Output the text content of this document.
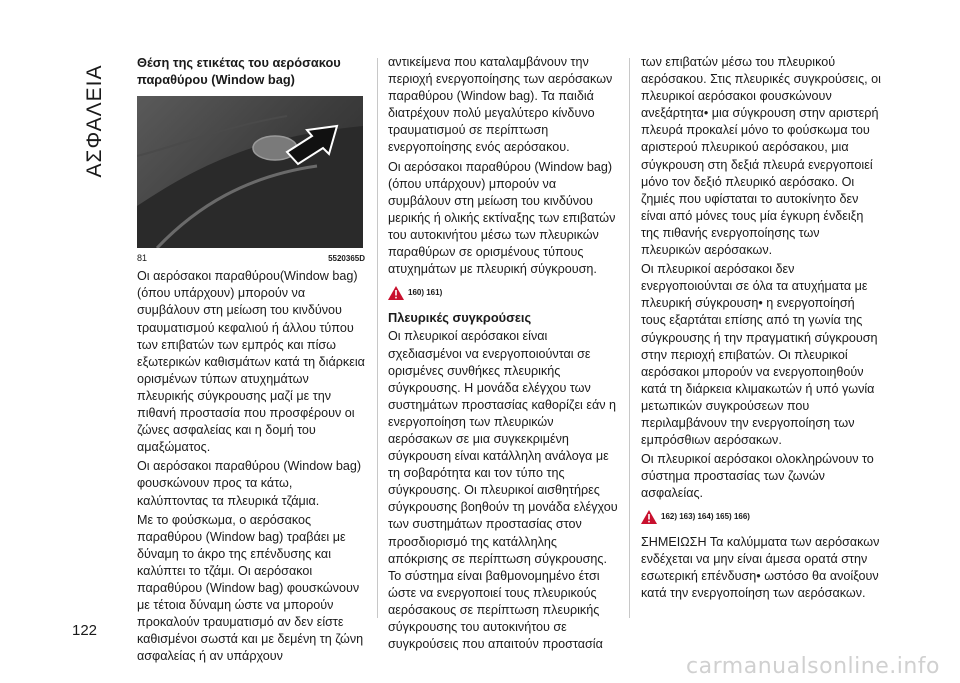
ΑΣΦΑΛΕΙΑ

Θέση της ετικέτας του αερόσακου παραθύρου (Window bag)

81	5520365D

Οι αερόσακοι παραθύρου(Window bag) (όπου υπάρχουν) μπορούν να συμβάλουν στη μείωση του κινδύνου τραυματισμού κεφαλιού ή άλλου τύπου των επιβατών των εμπρός και πίσω εξωτερικών καθισμάτων κατά τη διάρκεια ορισμένων τύπων ατυχημάτων πλευρικής σύγκρουσης μαζί με την πιθανή προστασία που προσφέρουν οι ζώνες ασφαλείας και η δομή του αμαξώματος.

Οι αερόσακοι παραθύρου (Window bag) φουσκώνουν προς τα κάτω, καλύπτοντας τα πλευρικά τζάμια.

Με το φούσκωμα, ο αερόσακος παραθύρου (Window bag) τραβάει με δύναμη το άκρο της επένδυσης και καλύπτει το τζάμι. Οι αερόσακοι παραθύρου (Window bag) φουσκώνουν με τέτοια δύναμη ώστε να μπορούν προκαλούν τραυματισμό αν δεν είστε καθισμένοι σωστά και με δεμένη τη ζώνη ασφαλείας ή αν υπάρχουν

αντικείμενα που καταλαμβάνουν την περιοχή ενεργοποίησης των αερόσακων παραθύρου (Window bag). Τα παιδιά διατρέχουν πολύ μεγαλύτερο κίνδυνο τραυματισμού σε περίπτωση ενεργοποίησης ενός αερόσακου.

Οι αερόσακοι παραθύρου (Window bag) (όπου υπάρχουν) μπορούν να συμβάλουν στη μείωση του κινδύνου μερικής ή ολικής εκτίναξης των επιβατών του αυτοκινήτου μέσω των πλευρικών παραθύρων σε ορισμένους τύπους ατυχημάτων με πλευρική σύγκρουση.

160) 161)

Πλευρικές συγκρούσεις

Οι πλευρικοί αερόσακοι είναι σχεδιασμένοι να ενεργοποιούνται σε ορισμένες συνθήκες πλευρικής σύγκρουσης. Η μονάδα ελέγχου των συστημάτων προστασίας καθορίζει εάν η ενεργοποίηση των πλευρικών αερόσακων σε μια συγκεκριμένη σύγκρουση είναι κατάλληλη ανάλογα με τη σοβαρότητα και τον τύπο της σύγκρουσης. Οι πλευρικοί αισθητήρες σύγκρουσης βοηθούν τη μονάδα ελέγχου των συστημάτων προστασίας στον προσδιορισμό της κατάλληλης απόκρισης σε περίπτωση σύγκρουσης. Το σύστημα είναι βαθμονομημένο έτσι ώστε να ενεργοποιεί τους πλευρικούς αερόσακους σε περίπτωση πλευρικής σύγκρουσης του αυτοκινήτου σε συγκρούσεις που απαιτούν προστασία

των επιβατών μέσω του πλευρικού αερόσακου. Στις πλευρικές συγκρούσεις, οι πλευρικοί αερόσακοι φουσκώνουν ανεξάρτητα• μια σύγκρουση στην αριστερή πλευρά προκαλεί μόνο το φούσκωμα του αριστερού πλευρικού αερόσακου, μια σύγκρουση στη δεξιά πλευρά ενεργοποιεί μόνο τον δεξιό πλευρικό αερόσακο. Οι ζημιές που υφίσταται το αυτοκίνητο δεν είναι από μόνες τους μία έγκυρη ένδειξη της πιθανής ενεργοποίησης των πλευρικών αερόσακων.

Οι πλευρικοί αερόσακοι δεν ενεργοποιούνται σε όλα τα ατυχήματα με πλευρική σύγκρουση• η ενεργοποίησή τους εξαρτάται επίσης από τη γωνία της σύγκρουσης ή την πραγματική σύγκρουση στην περιοχή επιβατών. Οι πλευρικοί αερόσακοι μπορούν να ενεργοποιηθούν κατά τη διάρκεια κλιμακωτών ή υπό γωνία μετωπικών συγκρούσεων που περιλαμβάνουν την ενεργοποίηση των εμπρόσθιων αερόσακων.

Οι πλευρικοί αερόσακοι ολοκληρώνουν το σύστημα προστασίας των ζωνών ασφαλείας.

162) 163) 164) 165) 166)

ΣΗΜΕΙΩΣΗ Τα καλύμματα των αερόσακων ενδέχεται να μην είναι άμεσα ορατά στην εσωτερική επένδυση• ωστόσο θα ανοίξουν κατά την ενεργοποίηση των αερόσακων.

122
carmanualsonline.info
